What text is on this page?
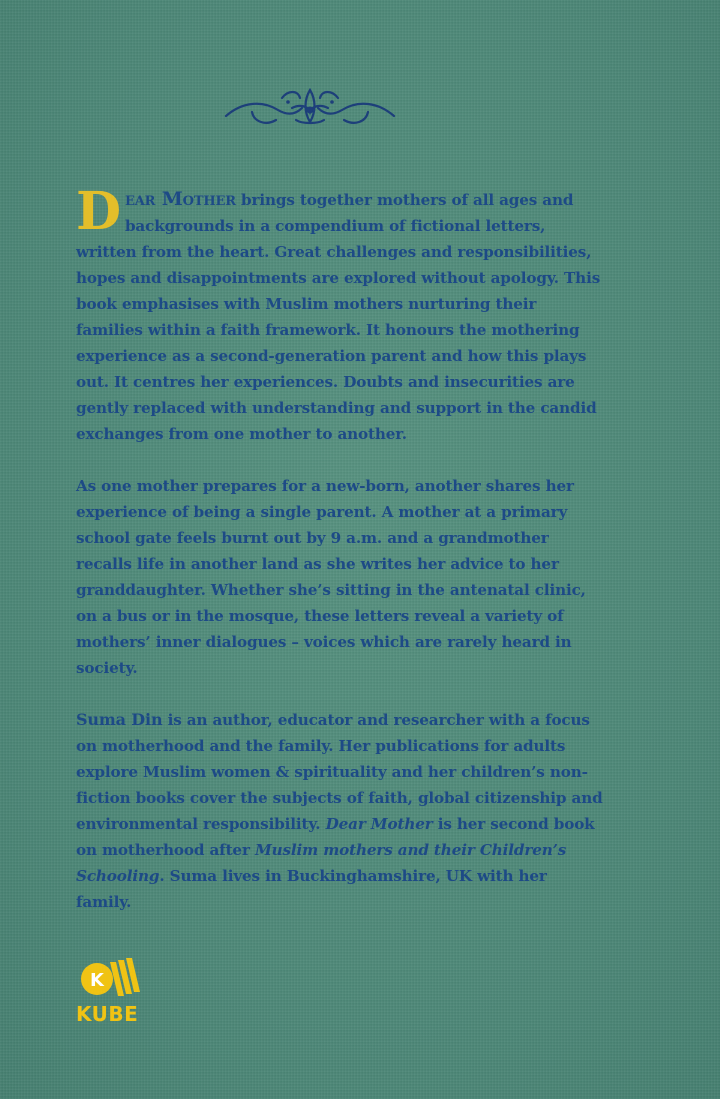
Dear Mother brings together mothers of all ages and backgrounds in a compendium of fictional letters, written from the heart. Great challenges and responsibilities, hopes and disappointments are explored without apology. This book emphasises with Muslim mothers nurturing their families within a faith framework. It honours the mothering experience as a second-generation parent and how this plays out. It centres her experiences. Doubts and insecurities are gently replaced with understanding and support in the candid exchanges from one mother to another.

As one mother prepares for a new-born, another shares her experience of being a single parent. A mother at a primary school gate feels burnt out by 9 a.m. and a grandmother recalls life in another land as she writes her advice to her granddaughter. Whether she’s sitting in the antenatal clinic, on a bus or in the mosque, these letters reveal a variety of mothers’ inner dialogues – voices which are rarely heard in society.

Suma Din is an author, educator and researcher with a focus on motherhood and the family. Her publications for adults explore Muslim women & spirituality and her children’s non-fiction books cover the subjects of faith, global citizenship and environmental responsibility. Dear Mother is her second book on motherhood after Muslim mothers and their Children’s Schooling. Suma lives in Buckinghamshire, UK with her family.

K
KUBE
